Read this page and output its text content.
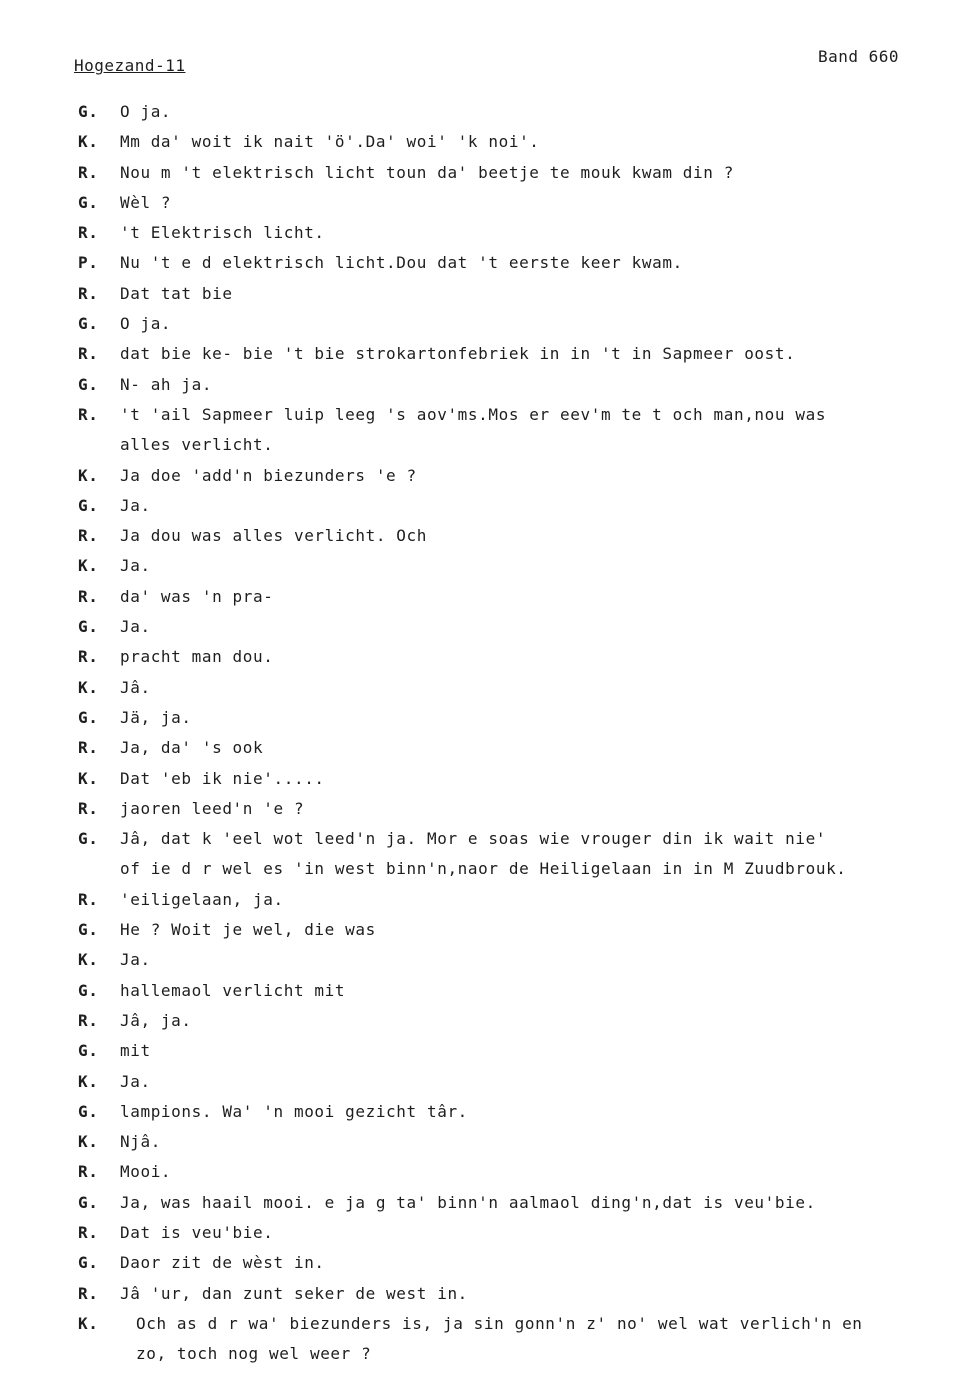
Hogezand-11	Band 660
G. O ja.
K. Mm da' woit ik nait 'ö'.Da' woi' 'k noi'.
R. Nou m 't elektrisch licht toun da' beetje te mouk kwam din ?
G. Wèl ?
R. 't Elektrisch licht.
P. Nu 't e d elektrisch licht.Dou dat 't eerste keer kwam.
R. Dat tat bie
G. O ja.
R. dat bie ke- bie 't bie strokartonfebriek in in 't in Sapmeer oost.
G. N- ah ja.
R. 't 'ail Sapmeer luip leeg 's aov'ms.Mos er eev'm te t och man,nou was
alles verlicht.
K. Ja doe 'add'n biezunders 'e ?
G. Ja.
R. Ja dou was alles verlicht. Och
K. Ja.
R. da' was 'n pra-
G. Ja.
R. pracht man dou.
K. Jâ.
G. Jä, ja.
R. Ja, da' 's ook
K. Dat 'eb ik nie'.....
R. jaoren leed'n 'e ?
G. Jâ, dat k 'eel wot leed'n ja. Mor e soas wie vrouger din ik wait nie'
of ie d r wel es 'in west binn'n,naor de Heiligelaan in in M Zuudbrouk.
R. 'eiligelaan, ja.
G. He ? Woit je wel, die was
K. Ja.
G. hallemaol verlicht mit
R. Jâ, ja.
G. mit
K. Ja.
G. lampions. Wa' 'n mooi gezicht târ.
K. Njâ.
R. Mooi.
G. Ja, was haail mooi. e ja g ta' binn'n aalmaol ding'n,dat is veu'bie.
R. Dat is veu'bie.
G. Daor zit de wèst in.
R. Jâ 'ur, dan zunt seker de west in.
K. Och as d r wa' biezunders is, ja sin gonn'n z' no' wel wat verlich'n en
zo, toch nog wel weer ?
